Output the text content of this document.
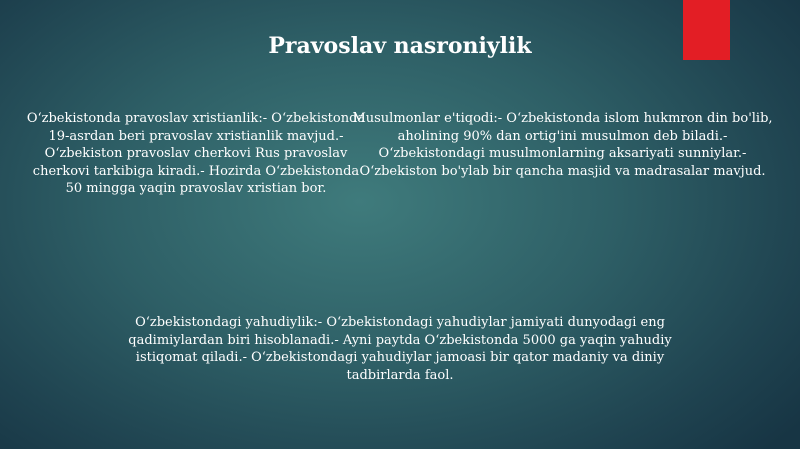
Pravoslav nasroniylik

O‘zbekistonda pravoslav xristianlik:- O‘zbekistonda 19-asrdan beri pravoslav xristianlik mavjud.- O‘zbekiston pravoslav cherkovi Rus pravoslav cherkovi tarkibiga kiradi.- Hozirda O‘zbekistonda 50 mingga yaqin pravoslav xristian bor.

Musulmonlar e'tiqodi:- O‘zbekistonda islom hukmron din bo'lib, aholining 90% dan ortig'ini musulmon deb biladi.- O‘zbekistondagi musulmonlarning aksariyati sunniylar.- O‘zbekiston bo'ylab bir qancha masjid va madrasalar mavjud.

O‘zbekistondagi yahudiylik:- O‘zbekistondagi yahudiylar jamiyati dunyodagi eng qadimiylardan biri hisoblanadi.- Ayni paytda O‘zbekistonda 5000 ga yaqin yahudiy istiqomat qiladi.- O‘zbekistondagi yahudiylar jamoasi bir qator madaniy va diniy tadbirlarda faol.
